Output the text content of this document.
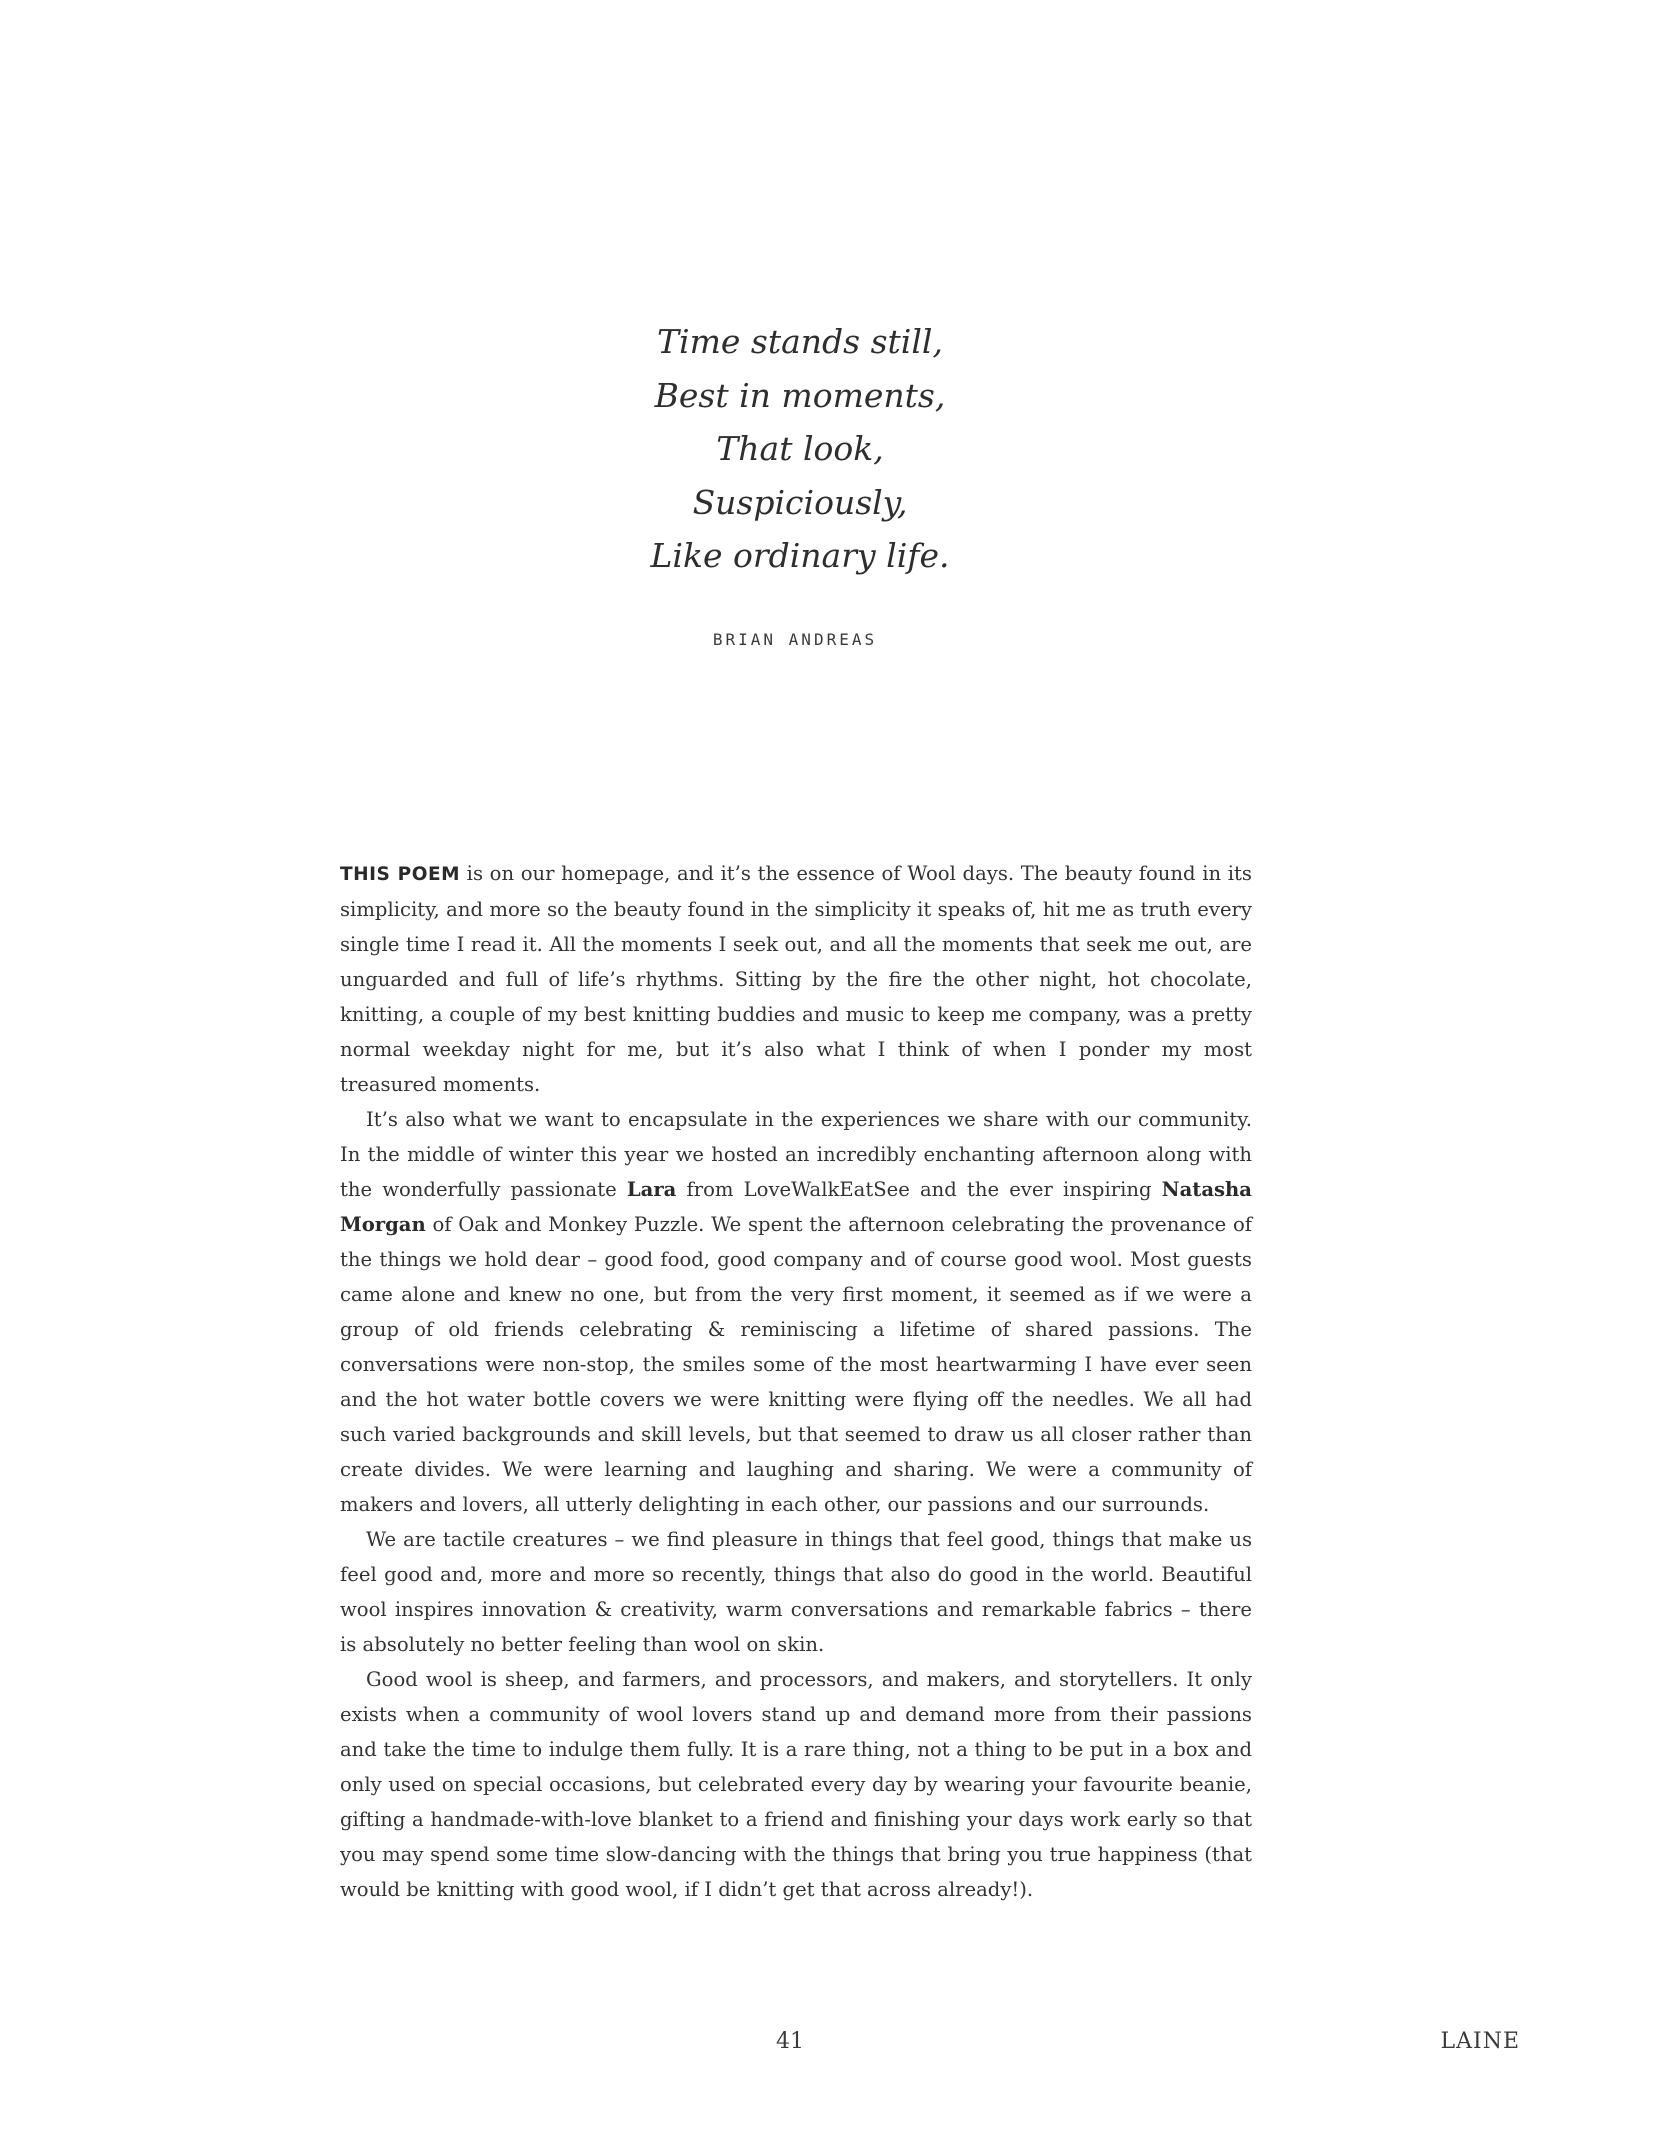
Time stands still,
Best in moments,
That look,
Suspiciously,
Like ordinary life.
BRIAN ANDREAS

THIS POEM is on our homepage, and it’s the essence of Wool days. The beauty found in its simplicity, and more so the beauty found in the simplicity it speaks of, hit me as truth every single time I read it. All the moments I seek out, and all the moments that seek me out, are unguarded and full of life’s rhythms. Sitting by the fire the other night, hot chocolate, knitting, a couple of my best knitting buddies and music to keep me company, was a pretty normal weekday night for me, but it’s also what I think of when I ponder my most treasured moments.

It’s also what we want to encapsulate in the experiences we share with our community. In the middle of winter this year we hosted an incredibly enchanting afternoon along with the wonderfully passionate Lara from LoveWalkEatSee and the ever inspiring Natasha Morgan of Oak and Monkey Puzzle. We spent the afternoon celebrating the provenance of the things we hold dear – good food, good company and of course good wool. Most guests came alone and knew no one, but from the very first moment, it seemed as if we were a group of old friends celebrating & reminiscing a lifetime of shared passions. The conversations were non-stop, the smiles some of the most heartwarming I have ever seen and the hot water bottle covers we were knitting were flying off the needles. We all had such varied backgrounds and skill levels, but that seemed to draw us all closer rather than create divides. We were learning and laughing and sharing. We were a community of makers and lovers, all utterly delighting in each other, our passions and our surrounds.

We are tactile creatures – we find pleasure in things that feel good, things that make us feel good and, more and more so recently, things that also do good in the world. Beautiful wool inspires innovation & creativity, warm conversations and remarkable fabrics – there is absolutely no better feeling than wool on skin.

Good wool is sheep, and farmers, and processors, and makers, and storytellers. It only exists when a community of wool lovers stand up and demand more from their passions and take the time to indulge them fully. It is a rare thing, not a thing to be put in a box and only used on special occasions, but celebrated every day by wearing your favourite beanie, gifting a handmade-with-love blanket to a friend and finishing your days work early so that you may spend some time slow-dancing with the things that bring you true happiness (that would be knitting with good wool, if I didn’t get that across already!).

41	LAINE
